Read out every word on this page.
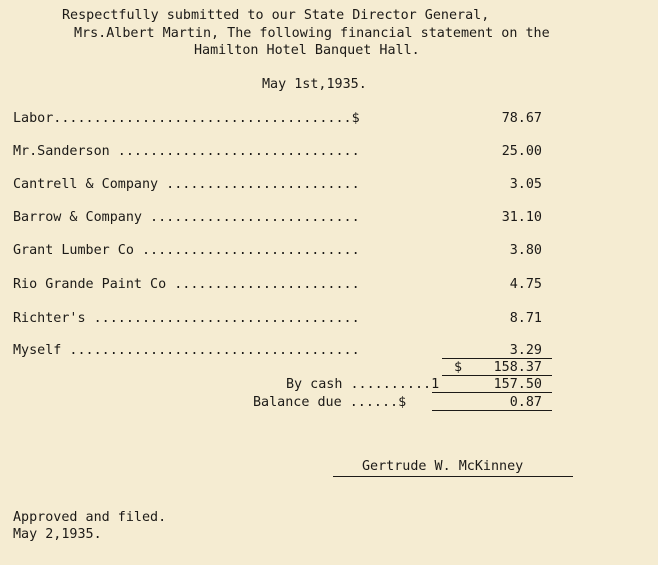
Respectfully submitted to our State Director General,
Mrs.Albert Martin, The following financial statement on the
Hamilton Hotel Banquet Hall.
May 1st,1935.
Labor.....................................$	78.67
Mr.Sanderson ..............................	25.00
Cantrell & Company ........................	3.05
Barrow & Company ..........................	31.10
Grant Lumber Co ...........................	3.80
Rio Grande Paint Co .......................	4.75
Richter's .................................	8.71
Myself ....................................	3.29
$	158.37
By cash ..........1	157.50
Balance due ......$	0.87
Gertrude W. McKinney
Approved and filed.
May 2,1935.
